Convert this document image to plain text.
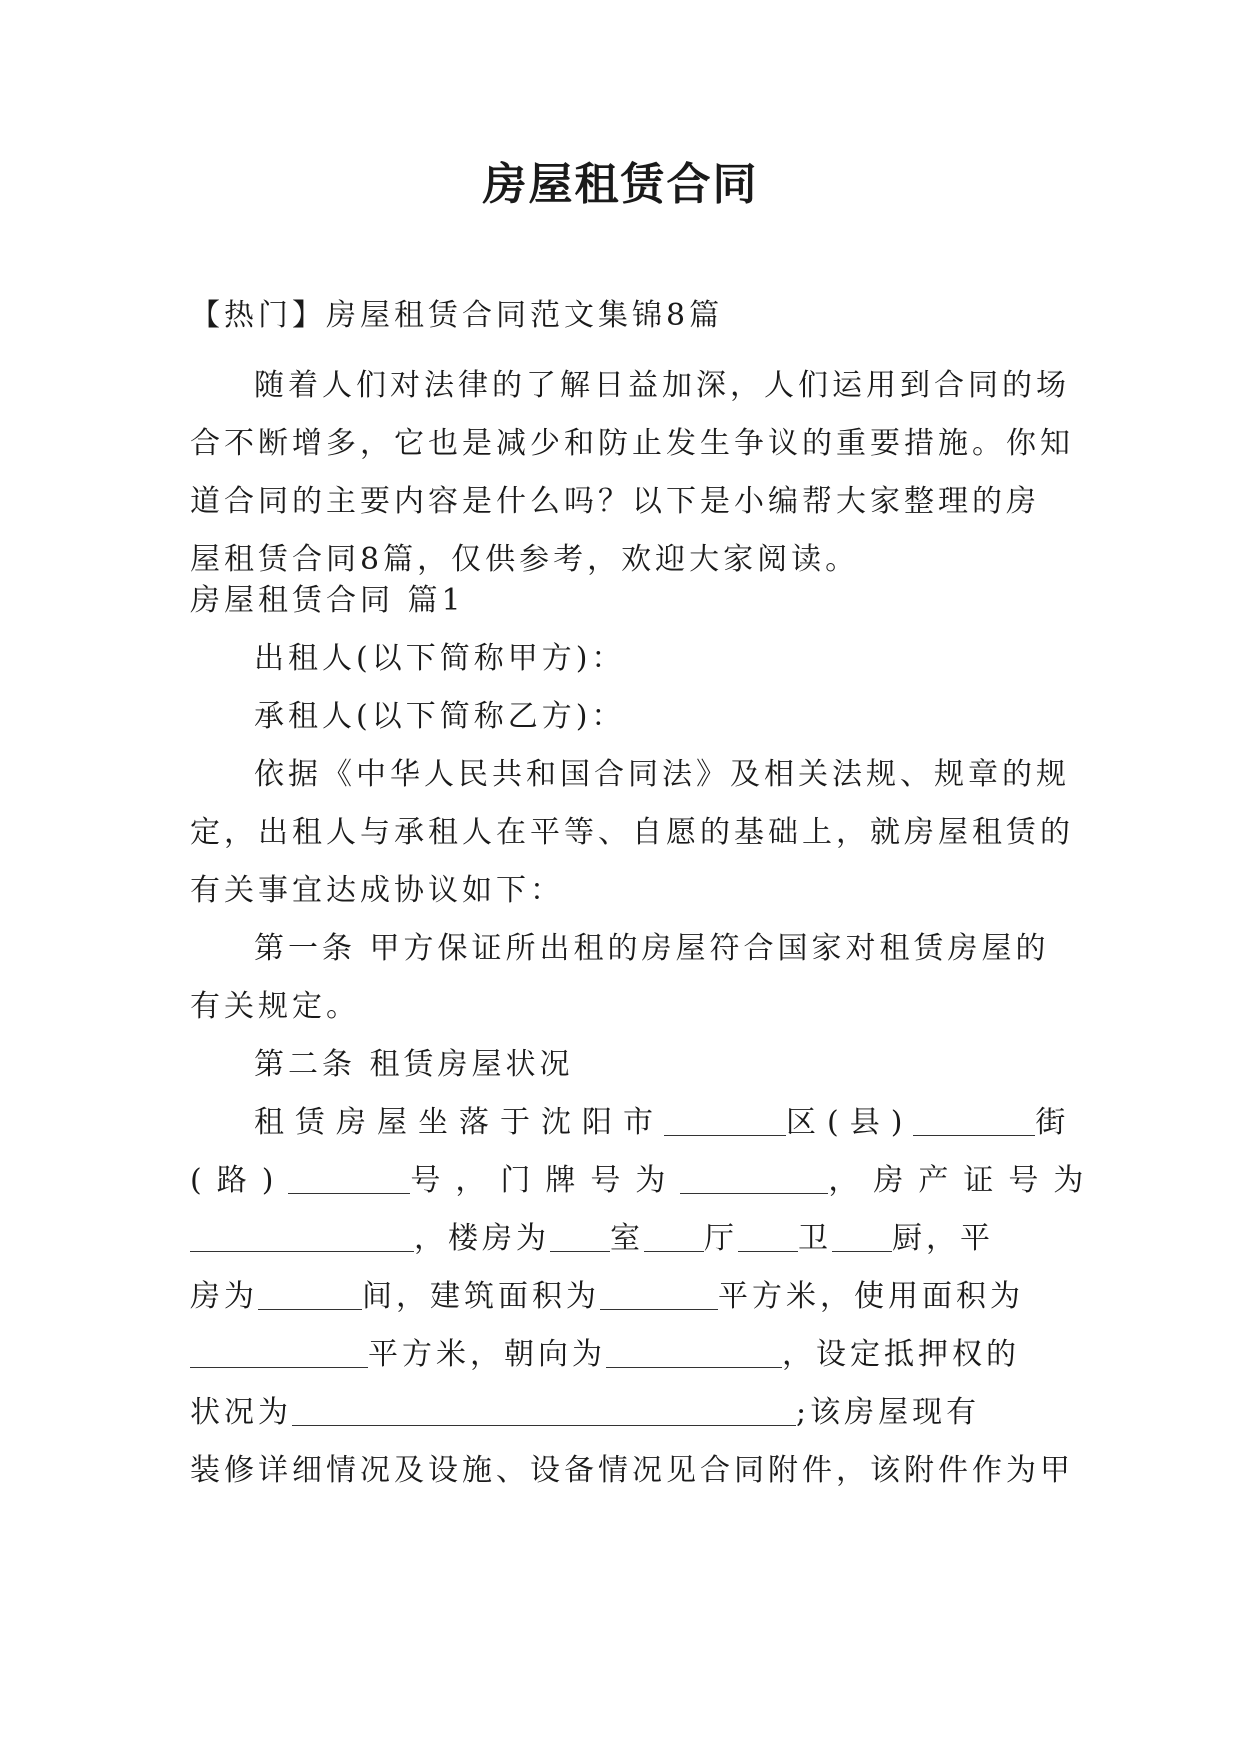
房屋租赁合同
【热门】房屋租赁合同范文集锦8篇
随着人们对法律的了解日益加深，人们运用到合同的场
合不断增多，它也是减少和防止发生争议的重要措施。你知
道合同的主要内容是什么吗？以下是小编帮大家整理的房
屋租赁合同8篇，仅供参考，欢迎大家阅读。
房屋租赁合同 篇1
出租人(以下简称甲方)：
承租人(以下简称乙方)：
依据《中华人民共和国合同法》及相关法规、规章的规
定，出租人与承租人在平等、自愿的基础上，就房屋租赁的
有关事宜达成协议如下：
第一条 甲方保证所出租的房屋符合国家对租赁房屋的
有关规定。
第二条 租赁房屋状况
租赁房屋坐落于沈阳市	区(县)	街
(路)	号，门牌号为	，房产证号为
，楼房为 室 厅 卫 厨，平
房为	间，建筑面积为	平方米，使用面积为
平方米，朝向为	，设定抵押权的
状况为	;该房屋现有
装修详细情况及设施、设备情况见合同附件，该附件作为甲
